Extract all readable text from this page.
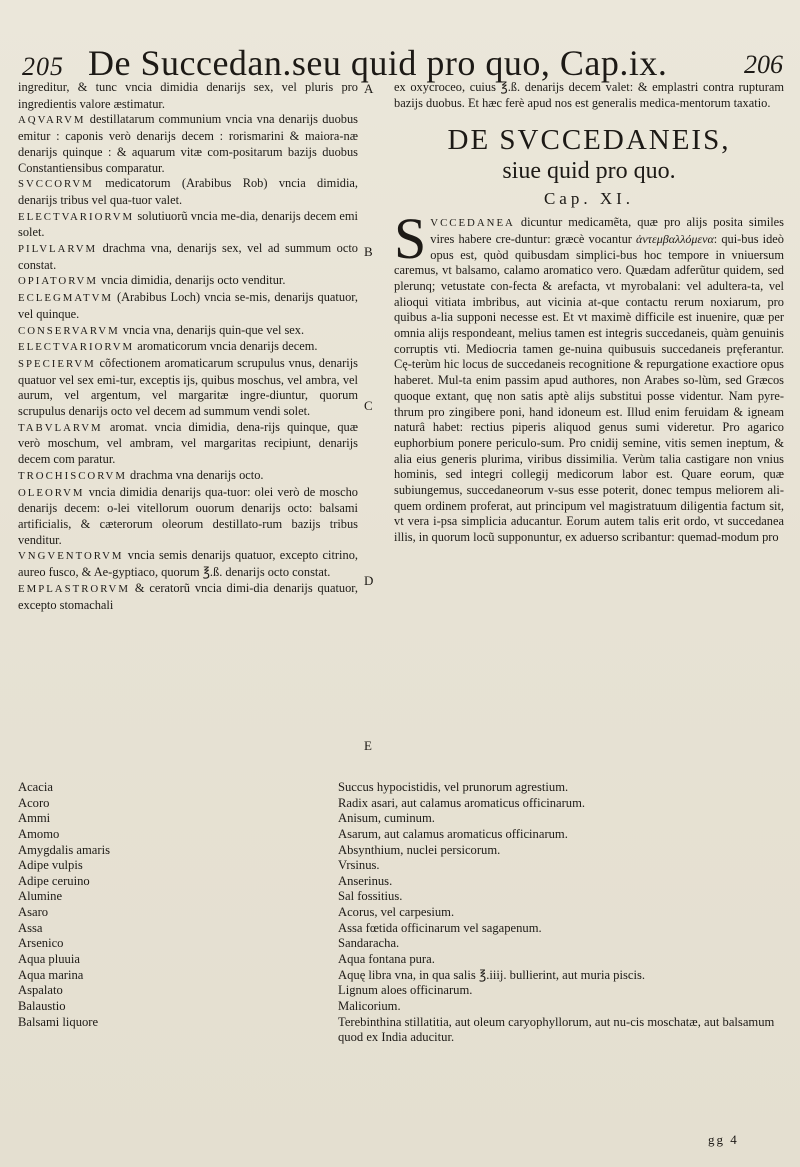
205 De Succedan.seu quid pro quo, Cap.ix.	206
A
B
C
D
E

ingreditur, & tunc vncia dimidia denarijs sex, vel pluris pro ingredientis valore æstimatur.

AQVARVM destillatarum communium vncia vna denarijs duobus emitur : caponis verò denarijs decem : rorismarini & maiora-næ denarijs quinque : & aquarum vitæ com-positarum bazijs duobus Constantiensibus comparatur.

SVCCORVM medicatorum (Arabibus Rob) vncia dimidia, denarijs tribus vel qua-tuor valet.

ELECTVARIORVM solutiuorũ vncia me-dia, denarijs decem emi solet.

PILVLARVM drachma vna, denarijs sex, vel ad summum octo constat.

OPIATORVM vncia dimidia, denarijs octo venditur.

ECLEGMATVM (Arabibus Loch) vncia se-mis, denarijs quatuor, vel quinque.

CONSERVARVM vncia vna, denarijs quin-que vel sex.

ELECTVARIORVM aromaticorum vncia denarijs decem.

SPECIERVM cõfectionem aromaticarum scrupulus vnus, denarijs quatuor vel sex emi-tur, exceptis ijs, quibus moschus, vel ambra, vel aurum, vel argentum, vel margaritæ ingre-diuntur, quorum scrupulus denarijs octo vel decem ad summum vendi solet.

TABVLARVM aromat. vncia dimidia, dena-rijs quinque, quæ verò moschum, vel ambram, vel margaritas recipiunt, denarijs decem com paratur.

TROCHISCORVM drachma vna denarijs octo.

OLEORVM vncia dimidia denarijs qua-tuor: olei verò de moscho denarijs decem: o-lei vitellorum ouorum denarijs octo: balsami artificialis, & cæterorum oleorum destillato-rum bazijs tribus venditur.

VNGVENTORVM vncia semis denarijs quatuor, excepto citrino, aureo fusco, & Ae-gyptiaco, quorum ℥.ß. denarijs octo constat.

EMPLASTRORVM & ceratorũ vncia dimi-dia denarijs quatuor, excepto stomachali

ex oxycroceo, cuius ℥.ß. denarijs decem valet: & emplastri contra rupturam bazijs duobus. Et hæc ferè apud nos est generalis medica-mentorum taxatio.

DE SVCCEDANEIS,
siue quid pro quo.
Cap. XI.

SVCCEDANEA dicuntur medicamẽta, quæ pro alijs posita similes vires habere cre-duntur: græcè vocantur ἀντεμβαλλόμενα: qui-bus ideò opus est, quòd quibusdam simplici-bus hoc tempore in vniuersum caremus, vt balsamo, calamo aromatico vero. Quædam adferũtur quidem, sed plerunq; vetustate con-fecta & arefacta, vt myrobalani: vel adultera-ta, vel alioqui vitiata imbribus, aut vicinia at-que contactu rerum noxiarum, pro quibus a-lia supponi necesse est. Et vt maximè difficile est inuenire, quæ per omnia alijs respondeant, melius tamen est integris succedaneis, quàm genuinis corruptis vti. Mediocria tamen ge-nuina quibusuis succedaneis pręferantur. Cę-terùm hic locus de succedaneis recognitione & repurgatione exactiore opus haberet. Mul-ta enim passim apud authores, non Arabes so-lùm, sed Græcos quoque extant, quę non satis aptè alijs substitui posse videntur. Nam pyre-thrum pro zingibere poni, hand idoneum est. Illud enim feruidam & igneam naturâ habet: rectius piperis aliquod genus sumi videretur. Pro agarico euphorbium ponere periculo-sum. Pro cnidij semine, vitis semen ineptum, & alia eius generis plurima, viribus dissimilia. Verùm talia castigare non vnius hominis, sed integri collegij medicorum labor est. Quare eorum, quæ subiungemus, succedaneorum v-sus esse poterit, donec tempus meliorem ali-quem ordinem proferat, aut principum vel magistratuum diligentia factum sit, vt vera i-psa simplicia aducantur. Eorum autem talis erit ordo, vt succedanea illis, in quorum locũ supponuntur, ex aduerso scribantur: quemad-modum pro

Acacia	Succus hypocistidis, vel prunorum agrestium.
Acoro	Radix asari, aut calamus aromaticus officinarum.
Ammi	Anisum, cuminum.
Amomo	Asarum, aut calamus aromaticus officinarum.
Amygdalis amaris	Absynthium, nuclei persicorum.
Adipe vulpis	Vrsinus.
Adipe ceruino	Anserinus.
Alumine	Sal fossitius.
Asaro	Acorus, vel carpesium.
Assa	Assa fœtida officinarum vel sagapenum.
Arsenico	Sandaracha.
Aqua pluuia	Aqua fontana pura.
Aqua marina	Aquę libra vna, in qua salis ℥.iiij. bullierint, aut muria piscis.
Aspalato	Lignum aloes officinarum.
Balaustio	Malicorium.
Balsami liquore	Terebinthina stillatitia, aut oleum caryophyllorum, aut nu-cis moschatæ, aut balsamum quod ex India aducitur.
gg 4
